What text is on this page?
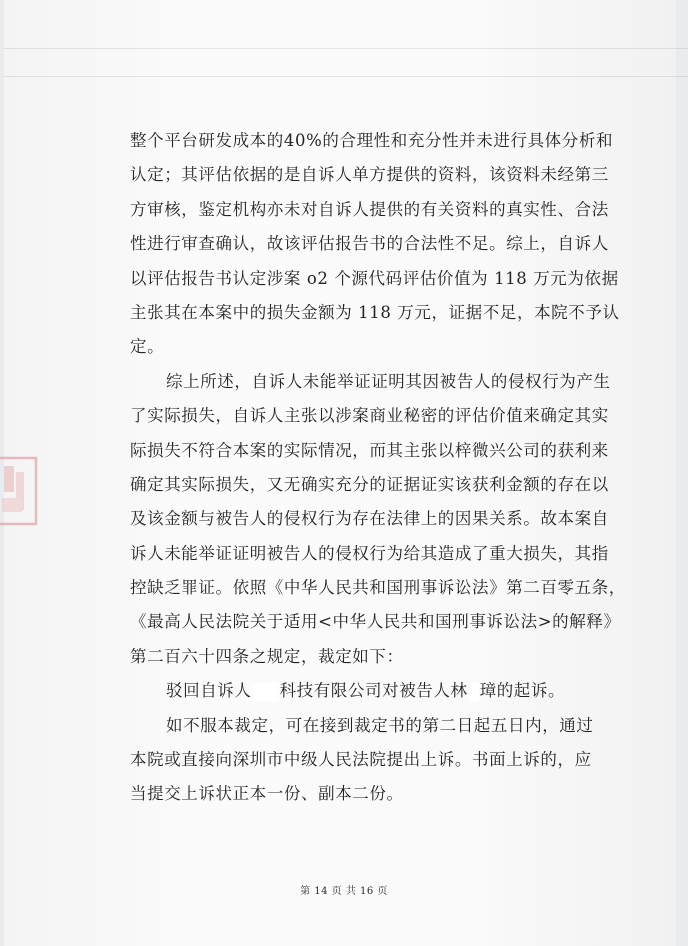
整个平台研发成本的40%的合理性和充分性并未进行具体分析和
认定；其评估依据的是自诉人单方提供的资料，该资料未经第三
方审核，鉴定机构亦未对自诉人提供的有关资料的真实性、合法
性进行审查确认，故该评估报告书的合法性不足。综上，自诉人
以评估报告书认定涉案 o2 个源代码评估价值为 118 万元为依据
主张其在本案中的损失金额为 118 万元，证据不足，本院不予认
定。
综上所述，自诉人未能举证证明其因被告人的侵权行为产生
了实际损失，自诉人主张以涉案商业秘密的评估价值来确定其实
际损失不符合本案的实际情况，而其主张以梓微兴公司的获利来
确定其实际损失，又无确实充分的证据证实该获利金额的存在以
及该金额与被告人的侵权行为存在法律上的因果关系。故本案自
诉人未能举证证明被告人的侵权行为给其造成了重大损失，其指
控缺乏罪证。依照《中华人民共和国刑事诉讼法》第二百零五条，
《最高人民法院关于适用<中华人民共和国刑事诉讼法>的解释》
第二百六十四条之规定，裁定如下：
驳回自诉人 科技有限公司对被告人林 璋的起诉。
如不服本裁定，可在接到裁定书的第二日起五日内，通过
本院或直接向深圳市中级人民法院提出上诉。书面上诉的，应
当提交上诉状正本一份、副本二份。
第 14 页 共 16 页
